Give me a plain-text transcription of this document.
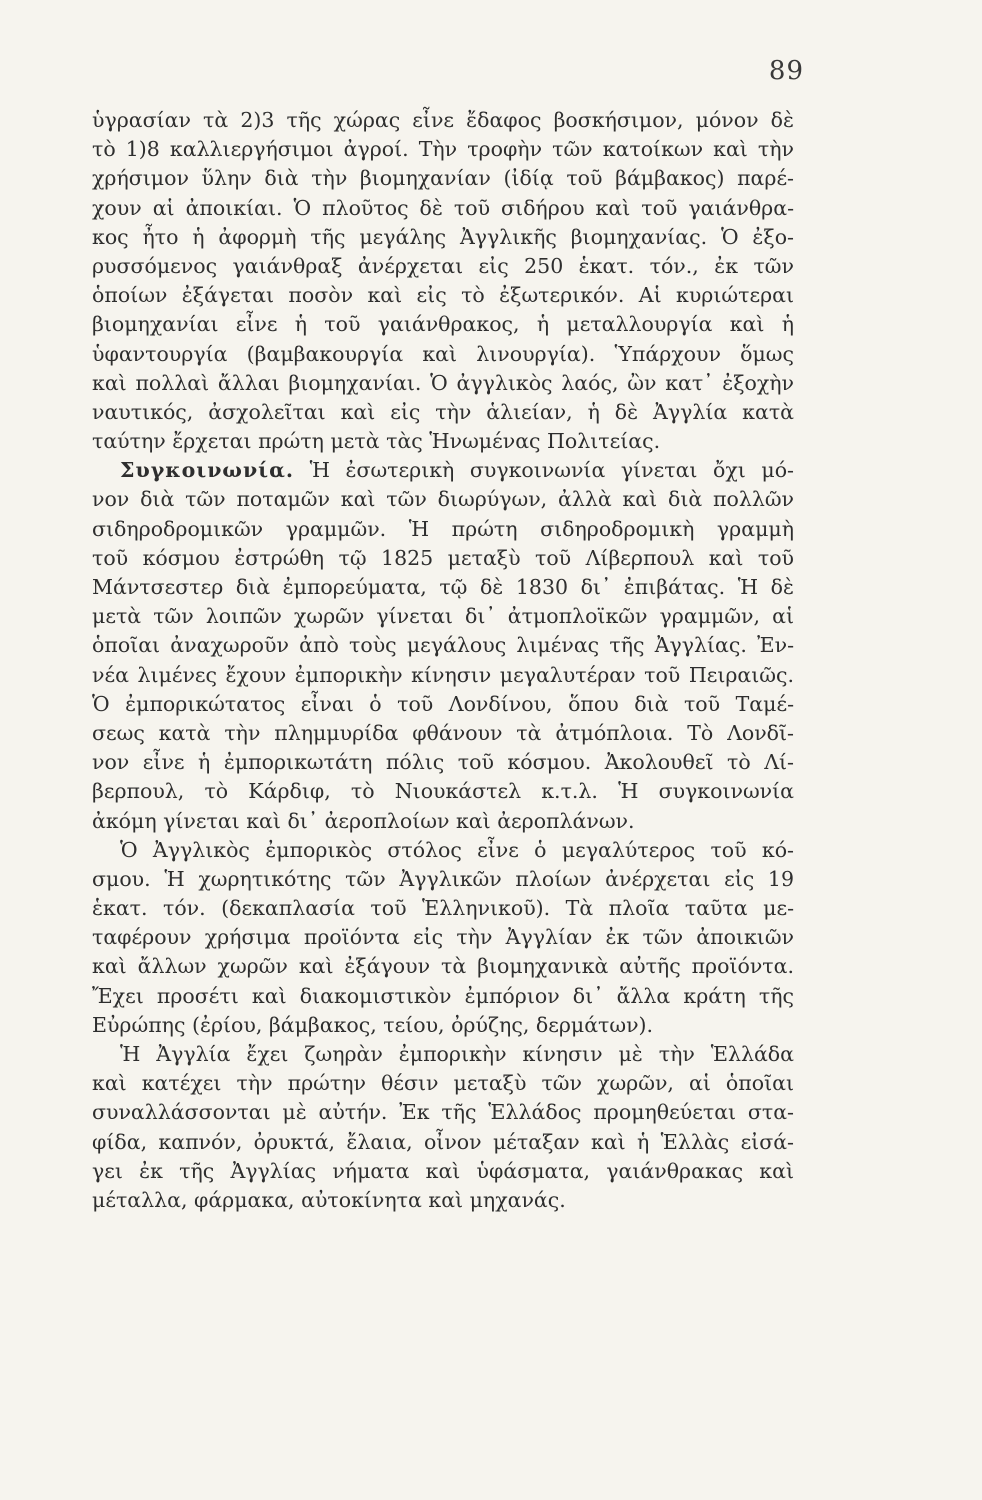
89
ὑγρασίαν τὰ 2)3 τῆς χώρας εἶνε ἔδαφος βοσκήσιμον, μόνον δὲ
τὸ 1)8 καλλιεργήσιμοι ἀγροί. Τὴν τροφὴν τῶν κατοίκων καὶ τὴν
χρήσιμον ὕλην διὰ τὴν βιομηχανίαν (ἰδίᾳ τοῦ βάμβακος) παρέ-
χουν αἱ ἀποικίαι. Ὁ πλοῦτος δὲ τοῦ σιδήρου καὶ τοῦ γαιάνθρα-
κος ἦτο ἡ ἀφορμὴ τῆς μεγάλης Ἀγγλικῆς βιομηχανίας. Ὁ ἐξο-
ρυσσόμενος γαιάνθραξ ἀνέρχεται εἰς 250 ἑκατ. τόν., ἐκ τῶν
ὁποίων ἐξάγεται ποσὸν καὶ εἰς τὸ ἐξωτερικόν. Αἱ κυριώτεραι
βιομηχανίαι εἶνε ἡ τοῦ γαιάνθρακος, ἡ μεταλλουργία καὶ ἡ
ὑφαντουργία (βαμβακουργία καὶ λινουργία). Ὑπάρχουν ὅμως
καὶ πολλαὶ ἄλλαι βιομηχανίαι. Ὁ ἀγγλικὸς λαός, ὢν κατ᾽ ἐξοχὴν
ναυτικός, ἀσχολεῖται καὶ εἰς τὴν ἁλιείαν, ἡ δὲ Ἀγγλία κατὰ
ταύτην ἔρχεται πρώτη μετὰ τὰς Ἡνωμένας Πολιτείας.
Συγκοινωνία. Ἡ ἐσωτερικὴ συγκοινωνία γίνεται ὄχι μό-
νον διὰ τῶν ποταμῶν καὶ τῶν διωρύγων, ἀλλὰ καὶ διὰ πολλῶν
σιδηροδρομικῶν γραμμῶν. Ἡ πρώτη σιδηροδρομικὴ γραμμὴ
τοῦ κόσμου ἐστρώθη τῷ 1825 μεταξὺ τοῦ Λίβερπουλ καὶ τοῦ
Μάντσεστερ διὰ ἐμπορεύματα, τῷ δὲ 1830 δι᾽ ἐπιβάτας. Ἡ δὲ
μετὰ τῶν λοιπῶν χωρῶν γίνεται δι᾽ ἀτμοπλοϊκῶν γραμμῶν, αἱ
ὁποῖαι ἀναχωροῦν ἀπὸ τοὺς μεγάλους λιμένας τῆς Ἀγγλίας. Ἐν-
νέα λιμένες ἔχουν ἐμπορικὴν κίνησιν μεγαλυτέραν τοῦ Πειραιῶς.
Ὁ ἐμπορικώτατος εἶναι ὁ τοῦ Λονδίνου, ὅπου διὰ τοῦ Ταμέ-
σεως κατὰ τὴν πλημμυρίδα φθάνουν τὰ ἀτμόπλοια. Τὸ Λονδῖ-
νον εἶνε ἡ ἐμπορικωτάτη πόλις τοῦ κόσμου. Ἀκολουθεῖ τὸ Λί-
βερπουλ, τὸ Κάρδιφ, τὸ Νιουκάστελ κ.τ.λ. Ἡ συγκοινωνία
ἀκόμη γίνεται καὶ δι᾽ ἀεροπλοίων καὶ ἀεροπλάνων.
Ὁ Ἀγγλικὸς ἐμπορικὸς στόλος εἶνε ὁ μεγαλύτερος τοῦ κό-
σμου. Ἡ χωρητικότης τῶν Ἀγγλικῶν πλοίων ἀνέρχεται εἰς 19
ἑκατ. τόν. (δεκαπλασία τοῦ Ἑλληνικοῦ). Τὰ πλοῖα ταῦτα με-
ταφέρουν χρήσιμα προϊόντα εἰς τὴν Ἀγγλίαν ἐκ τῶν ἀποικιῶν
καὶ ἄλλων χωρῶν καὶ ἐξάγουν τὰ βιομηχανικὰ αὐτῆς προϊόντα.
Ἔχει προσέτι καὶ διακομιστικὸν ἐμπόριον δι᾽ ἄλλα κράτη τῆς
Εὐρώπης (ἐρίου, βάμβακος, τείου, ὀρύζης, δερμάτων).
Ἡ Ἀγγλία ἔχει ζωηρὰν ἐμπορικὴν κίνησιν μὲ τὴν Ἑλλάδα
καὶ κατέχει τὴν πρώτην θέσιν μεταξὺ τῶν χωρῶν, αἱ ὁποῖαι
συναλλάσσονται μὲ αὐτήν. Ἐκ τῆς Ἑλλάδος προμηθεύεται στα-
φίδα, καπνόν, ὀρυκτά, ἔλαια, οἶνον μέταξαν καὶ ἡ Ἑλλὰς εἰσά-
γει ἐκ τῆς Ἀγγλίας νήματα καὶ ὑφάσματα, γαιάνθρακας καὶ
μέταλλα, φάρμακα, αὐτοκίνητα καὶ μηχανάς.
